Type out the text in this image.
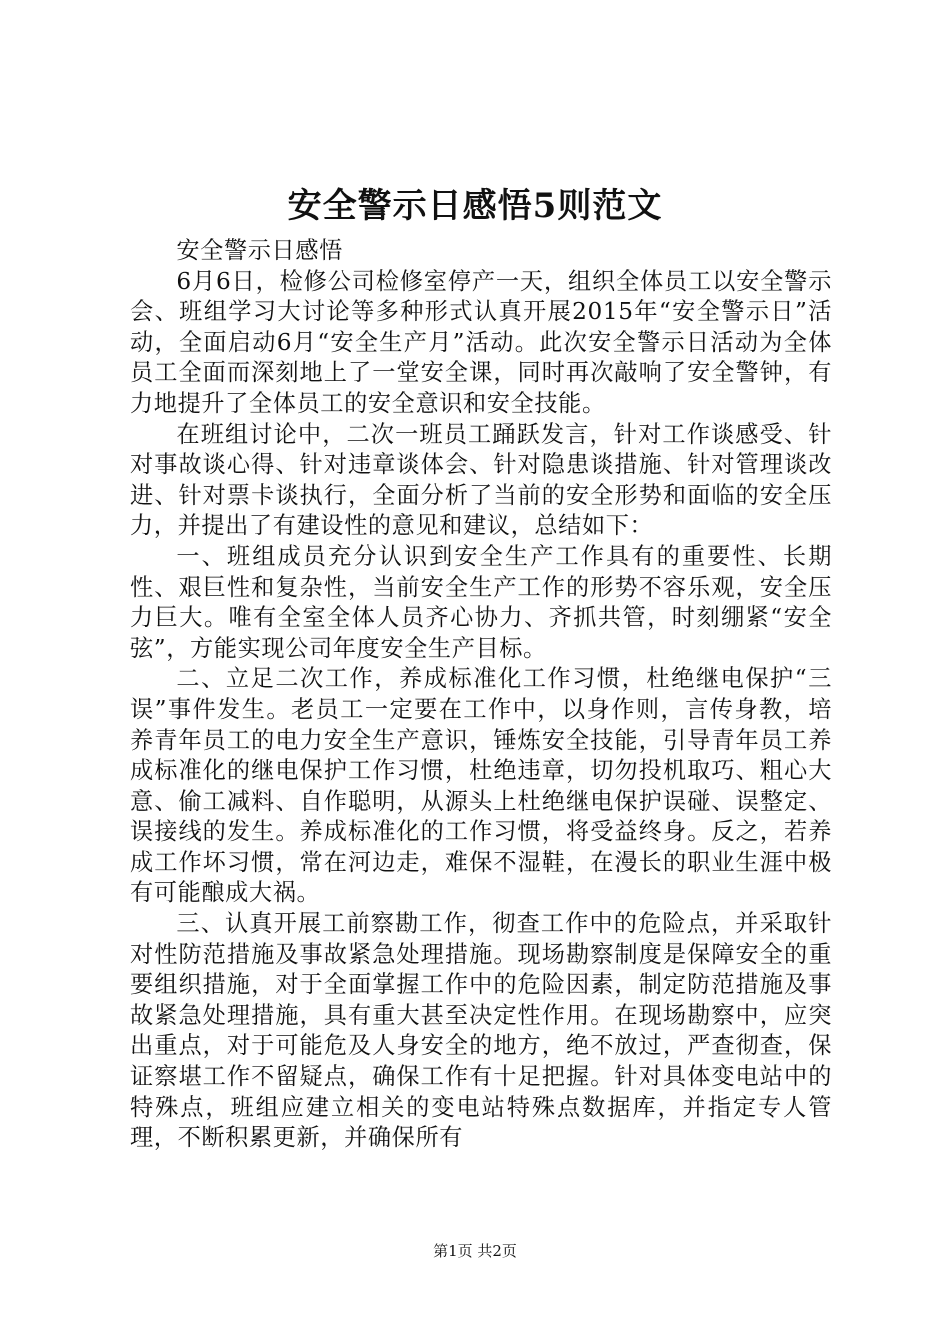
安全警示日感悟5则范文

安全警示日感悟

6月6日，检修公司检修室停产一天，组织全体员工以安全警示会、班组学习大讨论等多种形式认真开展2015年“安全警示日”活动，全面启动6月“安全生产月”活动。此次安全警示日活动为全体员工全面而深刻地上了一堂安全课，同时再次敲响了安全警钟，有力地提升了全体员工的安全意识和安全技能。

在班组讨论中，二次一班员工踊跃发言，针对工作谈感受、针对事故谈心得、针对违章谈体会、针对隐患谈措施、针对管理谈改进、针对票卡谈执行，全面分析了当前的安全形势和面临的安全压力，并提出了有建设性的意见和建议，总结如下：

一、班组成员充分认识到安全生产工作具有的重要性、长期性、艰巨性和复杂性，当前安全生产工作的形势不容乐观，安全压力巨大。唯有全室全体人员齐心协力、齐抓共管，时刻绷紧“安全弦”，方能实现公司年度安全生产目标。

二、立足二次工作，养成标准化工作习惯，杜绝继电保护“三误”事件发生。老员工一定要在工作中，以身作则，言传身教，培养青年员工的电力安全生产意识，锤炼安全技能，引导青年员工养成标准化的继电保护工作习惯，杜绝违章，切勿投机取巧、粗心大意、偷工减料、自作聪明，从源头上杜绝继电保护误碰、误整定、误接线的发生。养成标准化的工作习惯，将受益终身。反之，若养成工作坏习惯，常在河边走，难保不湿鞋，在漫长的职业生涯中极有可能酿成大祸。

三、认真开展工前察勘工作，彻查工作中的危险点，并采取针对性防范措施及事故紧急处理措施。现场勘察制度是保障安全的重要组织措施，对于全面掌握工作中的危险因素，制定防范措施及事故紧急处理措施，具有重大甚至决定性作用。在现场勘察中，应突出重点，对于可能危及人身安全的地方，绝不放过，严查彻查，保证察堪工作不留疑点，确保工作有十足把握。针对具体变电站中的特殊点，班组应建立相关的变电站特殊点数据库，并指定专人管理，不断积累更新，并确保所有

第1页 共2页
